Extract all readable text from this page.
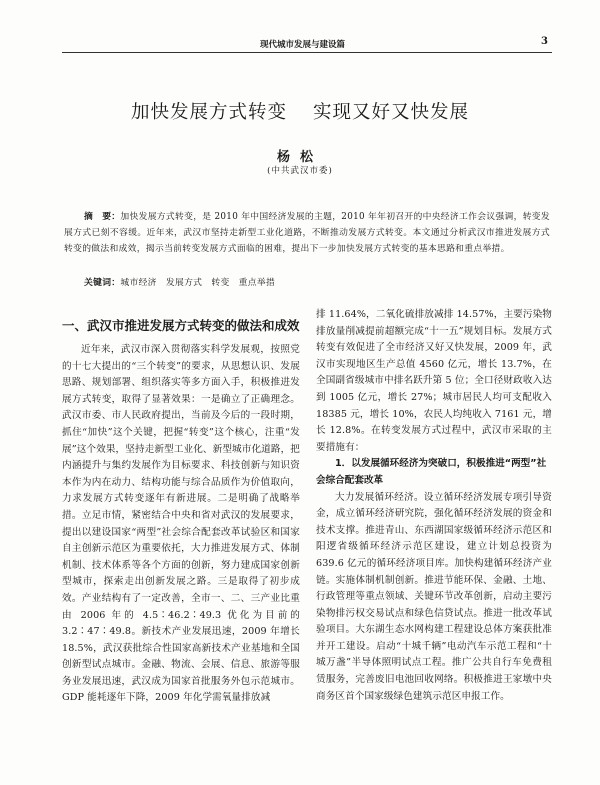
现代城市发展与建设篇	3
加快发展方式转变 实现又好又快发展
杨松
(中共武汉市委)
摘　要：加快发展方式转变，是 2010 年中国经济发展的主题，2010 年年初召开的中央经济工作会议强调，转变发展方式已刻不容缓。近年来，武汉市坚持走新型工业化道路，不断推动发展方式转变。本文通过分析武汉市推进发展方式转变的做法和成效，揭示当前转变发展方式面临的困难，提出下一步加快发展方式转变的基本思路和重点举措。
关键词：城市经济　发展方式　转变　重点举措
一、武汉市推进发展方式转变的做法和成效

近年来，武汉市深入贯彻落实科学发展观，按照党的十七大提出的“三个转变”的要求，从思想认识、发展思路、规划部署、组织落实等多方面入手，积极推进发展方式转变，取得了显著效果：一是确立了正确理念。武汉市委、市人民政府提出，当前及今后的一段时期，抓住“加快”这个关键，把握“转变”这个核心，注重“发展”这个效果，坚持走新型工业化、新型城市化道路，把内涵提升与集约发展作为目标要求、科技创新与知识资本作为内在动力、结构功能与综合品质作为价值取向，力求发展方式转变逐年有新进展。二是明确了战略举措。立足市情，紧密结合中央和省对武汉的发展要求，提出以建设国家“两型”社会综合配套改革试验区和国家自主创新示范区为重要依托，大力推进发展方式、体制机制、技术体系等各个方面的创新，努力建成国家创新型城市，探索走出创新发展之路。三是取得了初步成效。产业结构有了一定改善，全市一、二、三产业比重由 2006 年的 4.5∶46.2∶49.3 优化为目前的 3.2∶47∶49.8。新技术产业发展迅速，2009 年增长 18.5%，武汉获批综合性国家高新技术产业基地和全国创新型试点城市。金融、物流、会展、信息、旅游等服务业发展迅速，武汉成为国家首批服务外包示范城市。GDP 能耗逐年下降，2009 年化学需氧量排放减

排 11.64%，二氧化硫排放减排 14.57%，主要污染物排放量削减提前超额完成“十一五”规划目标。发展方式转变有效促进了全市经济又好又快发展，2009 年，武汉市实现地区生产总值 4560 亿元，增长 13.7%，在全国副省级城市中排名跃升第 5 位；全口径财政收入达到 1005 亿元，增长 27%；城市居民人均可支配收入 18385 元，增长 10%，农民人均纯收入 7161 元，增长 12.8%。在转变发展方式过程中，武汉市采取的主要措施有：

1．以发展循环经济为突破口，积极推进“两型”社会综合配套改革

大力发展循环经济。设立循环经济发展专项引导资金，成立循环经济研究院，强化循环经济发展的资金和技术支撑。推进青山、东西湖国家级循环经济示范区和阳逻省级循环经济示范区建设，建立计划总投资为 639.6 亿元的循环经济项目库。加快构建循环经济产业链。实施体制机制创新。推进节能环保、金融、土地、行政管理等重点领域、关键环节改革创新，启动主要污染物排污权交易试点和绿色信贷试点。推进一批改革试验项目。大东湖生态水网构建工程建设总体方案获批准并开工建设。启动“十城千辆”电动汽车示范工程和“十城万盏”半导体照明试点工程。推广公共自行车免费租赁服务，完善废旧电池回收网络。积极推进王家墩中央商务区首个国家级绿色建筑示范区申报工作。
